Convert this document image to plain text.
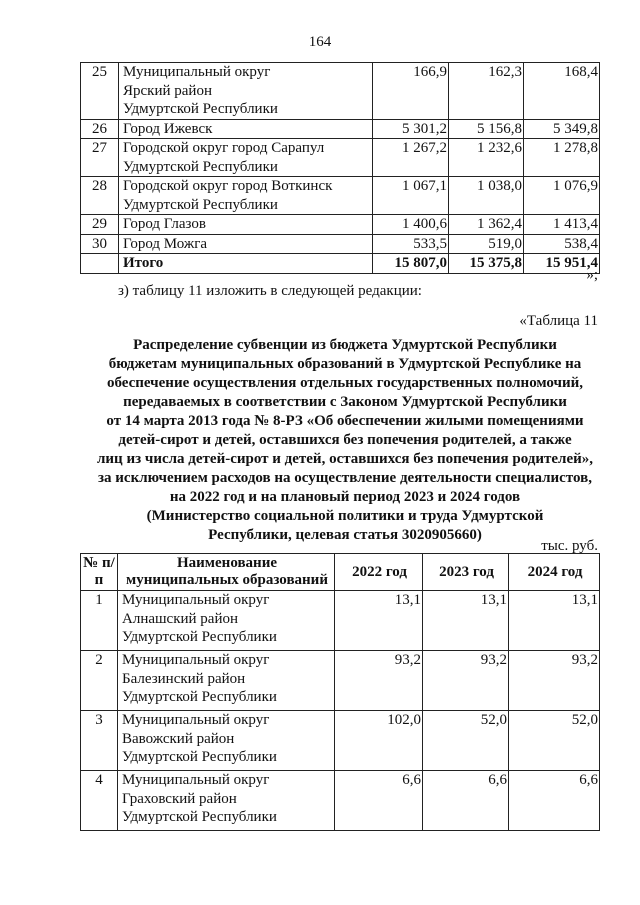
164
25	Муниципальный округ
Ярский район
Удмуртской Республики	166,9	162,3	168,4
26	Город Ижевск	5 301,2	5 156,8	5 349,8
27	Городской округ город Сарапул
Удмуртской Республики	1 267,2	1 232,6	1 278,8
28	Городской округ город Воткинск
Удмуртской Республики	1 067,1	1 038,0	1 076,9
29	Город Глазов	1 400,6	1 362,4	1 413,4
30	Город Можга	533,5	519,0	538,4

	Итого	15 807,0	15 375,8	15 951,4
»;
з) таблицу 11 изложить в следующей редакции:
«Таблица 11
Распределение субвенции из бюджета Удмуртской Республики
бюджетам муниципальных образований в Удмуртской Республике на
обеспечение осуществления отдельных государственных полномочий,
передаваемых в соответствии с Законом Удмуртской Республики
от 14 марта 2013 года № 8-РЗ «Об обеспечении жилыми помещениями
детей-сирот и детей, оставшихся без попечения родителей, а также
лиц из числа детей-сирот и детей, оставшихся без попечения родителей»,
за исключением расходов на осуществление деятельности специалистов,
на 2022 год и на плановый период 2023 и 2024 годов
(Министерство социальной политики и труда Удмуртской
Республики, целевая статья 3020905660)
тыс. руб.
№ п/п	Наименование муниципальных образований	2022 год	2023 год	2024 год
1	Муниципальный округ
Алнашский район
Удмуртской Республики	13,1	13,1	13,1
2	Муниципальный округ
Балезинский район
Удмуртской Республики	93,2	93,2	93,2
3	Муниципальный округ
Вавожский район
Удмуртской Республики	102,0	52,0	52,0
4	Муниципальный округ
Граховский район
Удмуртской Республики	6,6	6,6	6,6
